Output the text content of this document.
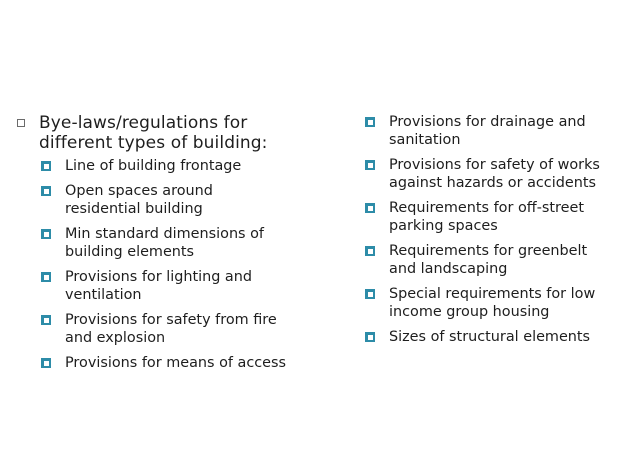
Bye-laws/regulations for
different types of building:
Line of building frontage
Open spaces around
residential building
Min standard dimensions of
building elements
Provisions for lighting and
ventilation
Provisions for safety from fire
and explosion
Provisions for means of access
Provisions for drainage and
sanitation
Provisions for safety of works
against hazards or accidents
Requirements for off-street
parking spaces
Requirements for greenbelt
and landscaping
Special requirements for low
income group housing
Sizes of structural elements
